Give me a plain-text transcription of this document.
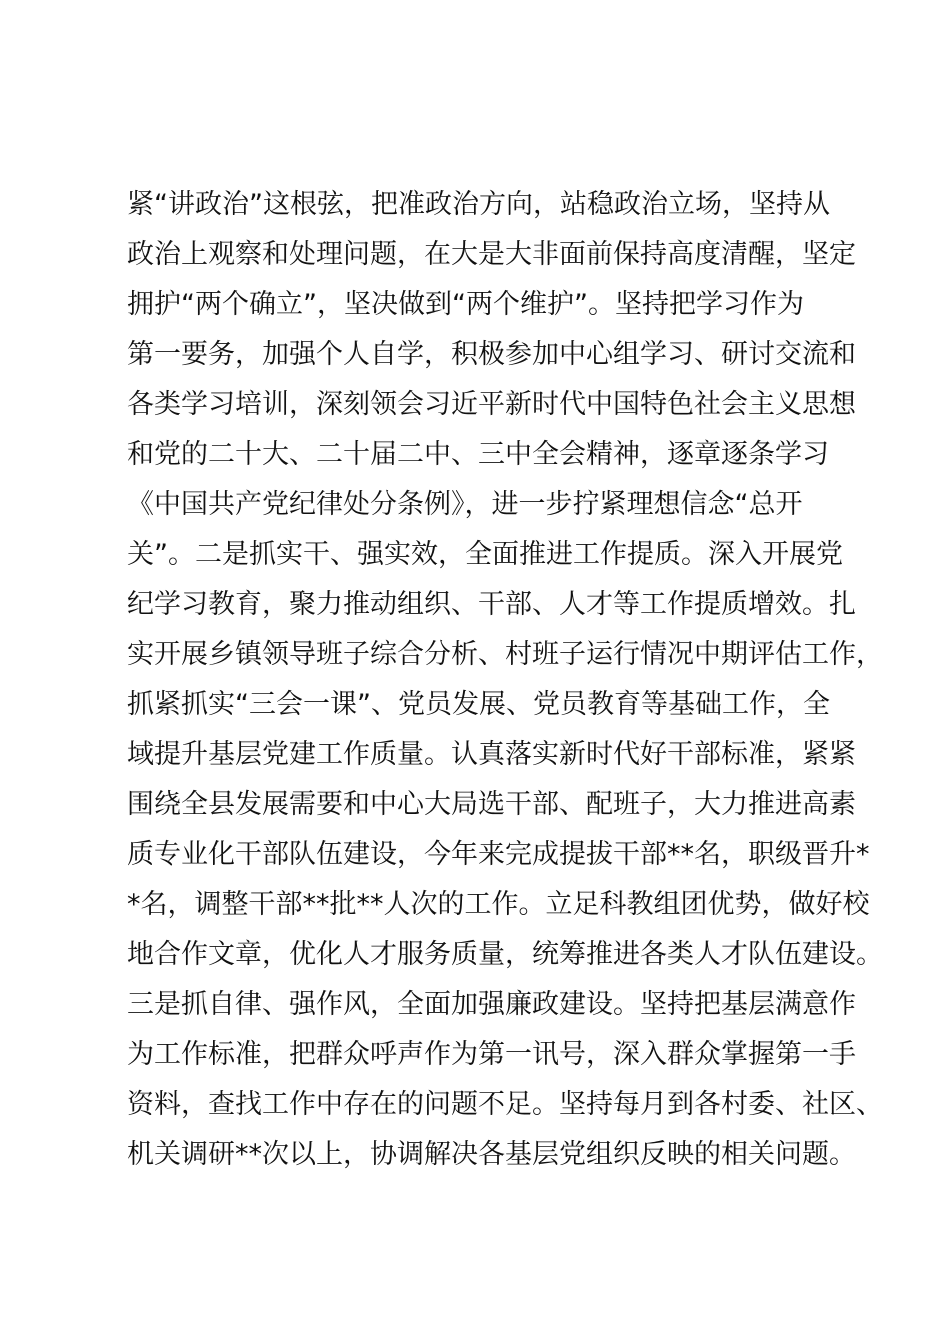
紧“讲政治”这根弦，把准政治方向，站稳政治立场，坚持从
政治上观察和处理问题，在大是大非面前保持高度清醒，坚定
拥护“两个确立”，坚决做到“两个维护”。坚持把学习作为
第一要务，加强个人自学，积极参加中心组学习、研讨交流和
各类学习培训，深刻领会习近平新时代中国特色社会主义思想
和党的二十大、二十届二中、三中全会精神，逐章逐条学习
《中国共产党纪律处分条例》，进一步拧紧理想信念“总开
关”。二是抓实干、强实效，全面推进工作提质。深入开展党
纪学习教育，聚力推动组织、干部、人才等工作提质增效。扎
实开展乡镇领导班子综合分析、村班子运行情况中期评估工作，
抓紧抓实“三会一课”、党员发展、党员教育等基础工作，全
域提升基层党建工作质量。认真落实新时代好干部标准，紧紧
围绕全县发展需要和中心大局选干部、配班子，大力推进高素
质专业化干部队伍建设，今年来完成提拔干部**名，职级晋升*
*名，调整干部**批**人次的工作。立足科教组团优势，做好校
地合作文章，优化人才服务质量，统筹推进各类人才队伍建设。
三是抓自律、强作风，全面加强廉政建设。坚持把基层满意作
为工作标准，把群众呼声作为第一讯号，深入群众掌握第一手
资料，查找工作中存在的问题不足。坚持每月到各村委、社区、
机关调研**次以上，协调解决各基层党组织反映的相关问题。
